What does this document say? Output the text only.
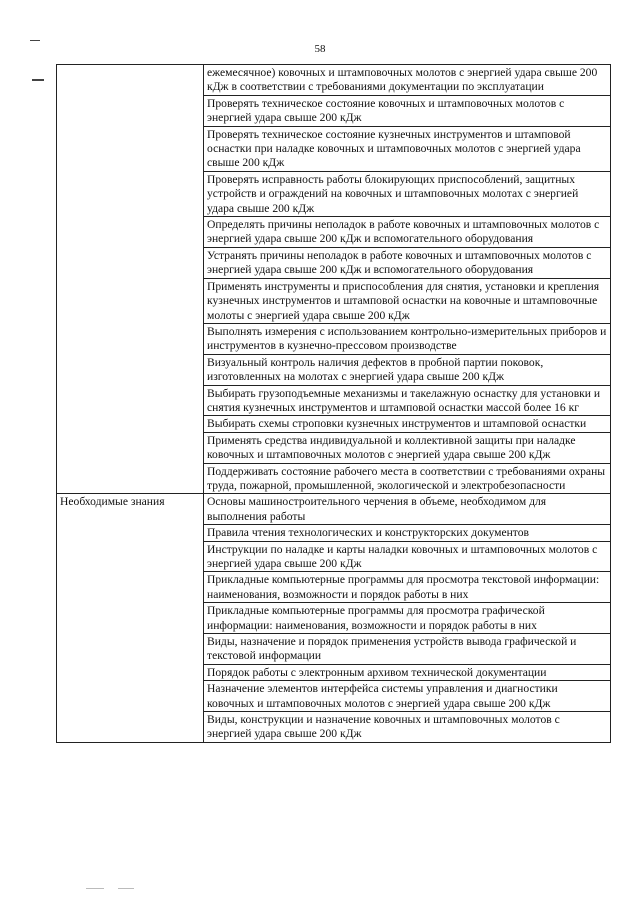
58
	ежемесячное) ковочных и штамповочных молотов с энергией удара свыше 200 кДж в соответствии с требованиями документации по эксплуатации
	Проверять техническое состояние ковочных и штамповочных молотов с энергией удара свыше 200 кДж
	Проверять техническое состояние кузнечных инструментов и штамповой оснастки при наладке ковочных и штамповочных молотов с энергией удара свыше 200 кДж
	Проверять исправность работы блокирующих приспособлений, защитных устройств и ограждений на ковочных и штамповочных молотах с энергией удара свыше 200 кДж
	Определять причины неполадок в работе ковочных и штамповочных молотов с энергией удара свыше 200 кДж и вспомогательного оборудования
	Устранять причины неполадок в работе ковочных и штамповочных молотов с энергией удара свыше 200 кДж и вспомогательного оборудования
	Применять инструменты и приспособления для снятия, установки и крепления кузнечных инструментов и штамповой оснастки на ковочные и штамповочные молоты с энергией удара свыше 200 кДж
	Выполнять измерения с использованием контрольно-измерительных приборов и инструментов в кузнечно-прессовом производстве
	Визуальный контроль наличия дефектов в пробной партии поковок, изготовленных на молотах с энергией удара свыше 200 кДж
	Выбирать грузоподъемные механизмы и такелажную оснастку для установки и снятия кузнечных инструментов и штамповой оснастки массой более 16 кг
	Выбирать схемы строповки кузнечных инструментов и штамповой оснастки
	Применять средства индивидуальной и коллективной защиты при наладке ковочных и штамповочных молотов с энергией удара свыше 200 кДж
	Поддерживать состояние рабочего места в соответствии с требованиями охраны труда, пожарной, промышленной, экологической и электробезопасности
Необходимые знания	Основы машиностроительного черчения в объеме, необходимом для выполнения работы
	Правила чтения технологических и конструкторских документов
	Инструкции по наладке и карты наладки ковочных и штамповочных молотов с энергией удара свыше 200 кДж
	Прикладные компьютерные программы для просмотра текстовой информации: наименования, возможности и порядок работы в них
	Прикладные компьютерные программы для просмотра графической информации: наименования, возможности и порядок работы в них
	Виды, назначение и порядок применения устройств вывода графической и текстовой информации
	Порядок работы с электронным архивом технической документации
	Назначение элементов интерфейса системы управления и диагностики ковочных и штамповочных молотов с энергией удара свыше 200 кДж
	Виды, конструкции и назначение ковочных и штамповочных молотов с энергией удара свыше 200 кДж
